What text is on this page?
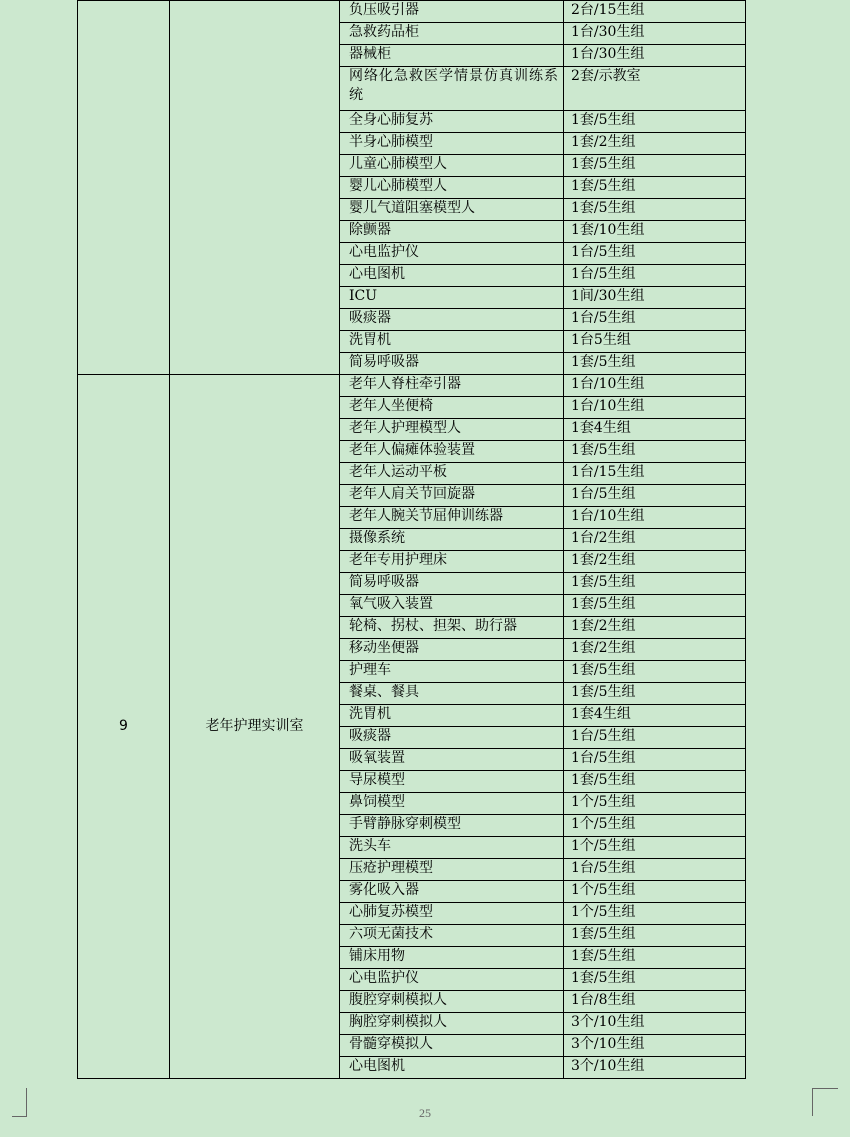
		负压吸引器	2台/15生组
		急救药品柜	1台/30生组
		器械柜	1台/30生组
		网络化急救医学情景仿真训练系统	2套/示教室
		全身心肺复苏	1套/5生组
		半身心肺模型	1套/2生组
		儿童心肺模型人	1套/5生组
		婴儿心肺模型人	1套/5生组
		婴儿气道阻塞模型人	1套/5生组
		除颤器	1套/10生组
		心电监护仪	1台/5生组
		心电图机	1台/5生组
		ICU	1间/30生组
		吸痰器	1台/5生组
		洗胃机	1台5生组
		简易呼吸器	1套/5生组
9	老年护理实训室	老年人脊柱牵引器	1台/10生组
		老年人坐便椅	1台/10生组
		老年人护理模型人	1套4生组
		老年人偏瘫体验装置	1套/5生组
		老年人运动平板	1台/15生组
		老年人肩关节回旋器	1台/5生组
		老年人腕关节屈伸训练器	1台/10生组
		摄像系统	1台/2生组
		老年专用护理床	1套/2生组
		简易呼吸器	1套/5生组
		氧气吸入装置	1套/5生组
		轮椅、拐杖、担架、助行器	1套/2生组
		移动坐便器	1套/2生组
		护理车	1套/5生组
		餐桌、餐具	1套/5生组
		洗胃机	1套4生组
		吸痰器	1台/5生组
		吸氧装置	1台/5生组
		导尿模型	1套/5生组
		鼻饲模型	1个/5生组
		手臂静脉穿刺模型	1个/5生组
		洗头车	1个/5生组
		压疮护理模型	1台/5生组
		雾化吸入器	1个/5生组
		心肺复苏模型	1个/5生组
		六项无菌技术	1套/5生组
		铺床用物	1套/5生组
		心电监护仪	1套/5生组
		腹腔穿刺模拟人	1台/8生组
		胸腔穿刺模拟人	3个/10生组
		骨髓穿模拟人	3个/10生组
		心电图机	3个/10生组
25
